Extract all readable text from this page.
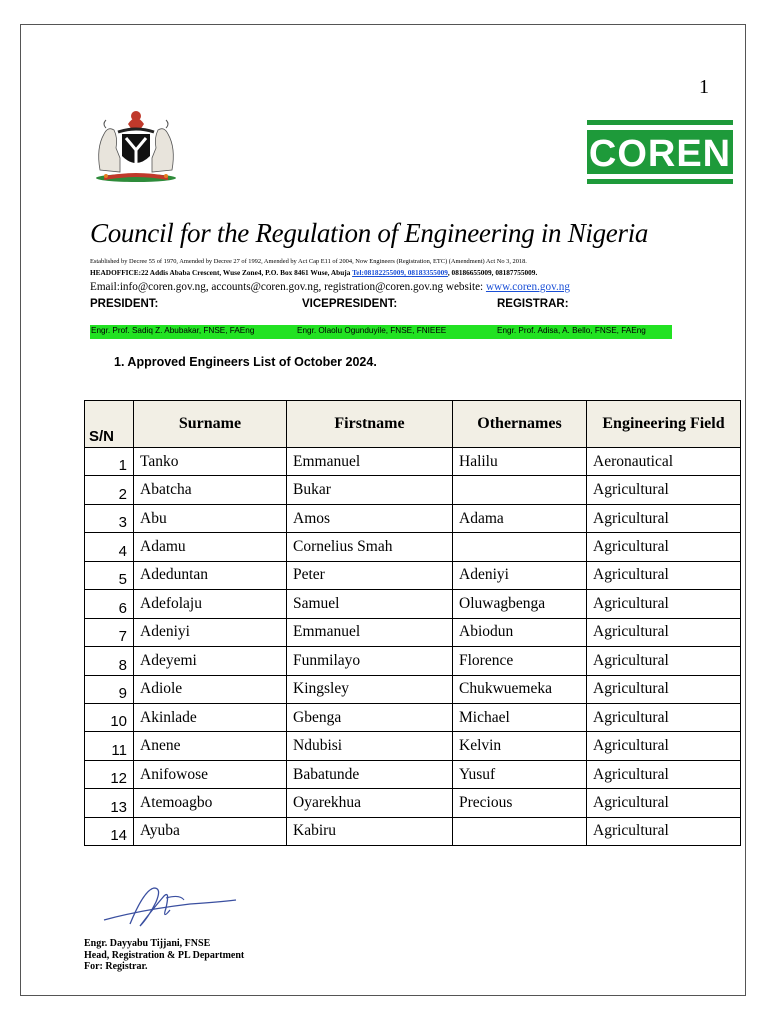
1
COREN
Council for the Regulation of Engineering in Nigeria
Established by Decree 55 of 1970, Amended by Decree 27 of 1992, Amended by Act Cap E11 of 2004, Now Engineers (Registration, ETC) (Amendment) Act No 3, 2018.
HEADOFFICE:22 Addis Ababa Crescent, Wuse Zone4, P.O. Box 8461 Wuse, Abuja Tel:08182255009, 08183355009, 08186655009, 08187755009.
Email:info@coren.gov.ng, accounts@coren.gov.ng, registration@coren.gov.ng website: www.coren.gov.ng
PRESIDENT:	VICEPRESIDENT:	REGISTRAR:
Engr. Prof. Sadiq Z. Abubakar, FNSE, FAEng	Engr. Olaolu Ogunduyile, FNSE, FNIEEE	Engr. Prof. Adisa, A. Bello, FNSE, FAEng
1. Approved Engineers List of October 2024.
S/N	Surname	Firstname	Othernames	Engineering Field
1	Tanko	Emmanuel	Halilu	Aeronautical
2	Abatcha	Bukar		Agricultural
3	Abu	Amos	Adama	Agricultural
4	Adamu	Cornelius Smah		Agricultural
5	Adeduntan	Peter	Adeniyi	Agricultural
6	Adefolaju	Samuel	Oluwagbenga	Agricultural
7	Adeniyi	Emmanuel	Abiodun	Agricultural
8	Adeyemi	Funmilayo	Florence	Agricultural
9	Adiole	Kingsley	Chukwuemeka	Agricultural
10	Akinlade	Gbenga	Michael	Agricultural
11	Anene	Ndubisi	Kelvin	Agricultural
12	Anifowose	Babatunde	Yusuf	Agricultural
13	Atemoagbo	Oyarekhua	Precious	Agricultural
14	Ayuba	Kabiru		Agricultural
Engr. Dayyabu Tijjani, FNSE
Head, Registration & PL Department
For: Registrar.
